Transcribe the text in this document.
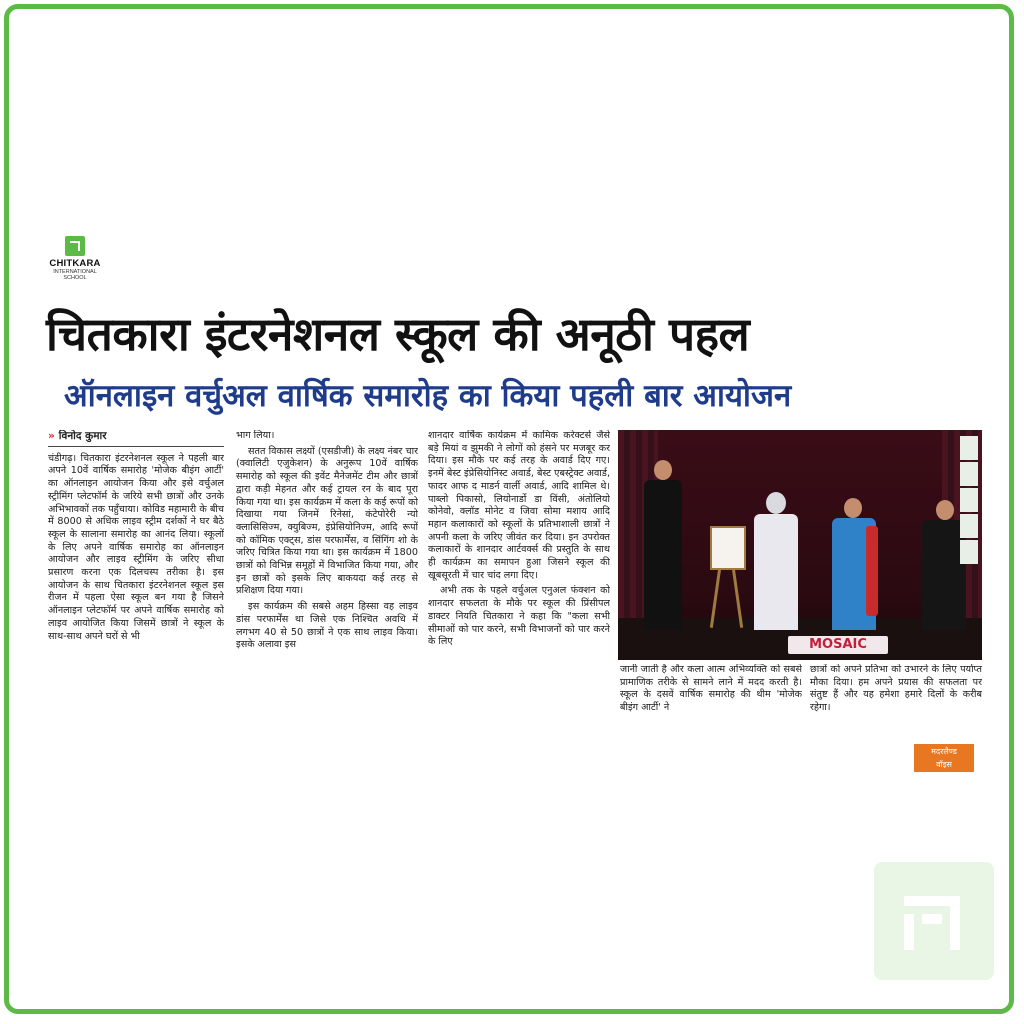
CHITKARA
INTERNATIONAL SCHOOL
चितकारा इंटरनेशनल स्कूल की अनूठी पहल
ऑनलाइन वर्चुअल वार्षिक समारोह का किया पहली बार आयोजन
» विनोद कुमार

चंडीगढ़। चितकारा इंटरनेशनल स्कूल ने पहली बार अपने 10वें वार्षिक समारोह 'मोजेक बीइंग आर्टी' का ऑनलाइन आयोजन किया और इसे वर्चुअल स्ट्रीमिंग प्लेटफॉर्म के जरिये सभी छात्रों और उनके अभिभावकों तक पहुँचाया। कोविड महामारी के बीच में 8000 से अधिक लाइव स्ट्रीम दर्शकों ने घर बैठे स्कूल के सालाना समारोह का आनंद लिया। स्कूलों के लिए अपने वार्षिक समारोह का ऑनलाइन आयोजन और लाइव स्ट्रीमिंग के जरिए सीधा प्रसारण करना एक दिलचस्प तरीका है। इस आयोजन के साथ चितकारा इंटरनेशनल स्कूल इस रीजन में पहला ऐसा स्कूल बन गया है जिसने ऑनलाइन प्लेटफॉर्म पर अपने वार्षिक समारोह को लाइव आयोजित किया जिसमें छात्रों ने स्कूल के साथ-साथ अपने घरों से भी

भाग लिया।

सतत विकास लक्ष्यों (एसडीजी) के लक्ष्य नंबर चार (क्वालिटी एजुकेशन) के अनुरूप 10वें वार्षिक समारोह को स्कूल की इवेंट मैनेजमेंट टीम और छात्रों द्वारा कड़ी मेहनत और कई ट्रायल रन के बाद पूरा किया गया था। इस कार्यक्रम में कला के कई रूपों को दिखाया गया जिनमें रिनेसां, कंटेपोरेरी न्यो क्लासिसिज्म, क्युबिज्म, इंप्रेसियोनिज्म, आदि रूपों को कॉमिक एक्ट्स, डांस परफार्मेंस, व सिंगिंग शो के जरिए चित्रित किया गया था। इस कार्यक्रम में 1800 छात्रों को विभिन्न समूहों में विभाजित किया गया, और इन छात्रों को इसके लिए बाकयदा कई तरह से प्रशिक्षण दिया गया।

इस कार्यक्रम की सबसे अहम हिस्सा वह लाइव डांस परफार्मेंस था जिसे एक निश्चित अवधि में लगभग 40 से 50 छात्रों ने एक साथ लाइव किया। इसके अलावा इस

शानदार वार्षिक कार्यक्रम में कामिक करेक्टर्स जैसे बड़े मियां व झुमकी ने लोगों को हंसने पर मजबूर कर दिया। इस मौके पर कई तरह के अवार्ड दिए गए। इनमें बेस्ट इंप्रेसियोनिस्ट अवार्ड, बेस्ट एबस्ट्रेक्ट अवार्ड, फादर आफ द माडर्न वार्ली अवार्ड, आदि शामिल थे। पाब्लो पिकासो, लियोनार्डो डा विंसी, अंतोलियो कोनेवो, क्लॉड मोनेट व जिवा सोमा मशाय आदि महान कलाकारों को स्कूलों के प्रतिभाशाली छात्रों ने अपनी कला के जरिए जीवंत कर दिया। इन उपरोक्त कलाकारों के शानदार आर्टवर्क्स की प्रस्तुति के साथ ही कार्यक्रम का समापन हुआ जिसने स्कूल की खूबसूरती में चार चांद लगा दिए।

अभी तक के पहले वर्चुअल एनुअल फंक्शन को शानदार सफलता के मौके पर स्कूल की प्रिंसीपल डाक्टर नियति चितकारा ने कहा कि "कला सभी सीमाओं को पार करने, सभी विभाजनों को पार करने के लिए	MOSAIC

जानी जाती है और कला आत्म अभिव्यक्ति को सबसे प्रामाणिक तरीके से सामने लाने में मदद करती है। स्कूल के दसवें वार्षिक समारोह की थीम 'मोजेक बीइंग आर्टी' ने

छात्रों को अपने प्रतिभा को उभारने के लिए पर्याप्त मौका दिया। हम अपने प्रयास की सफलता पर संतुष्ट हैं और यह हमेशा हमारे दिलों के करीब रहेगा।

मदरलैण्ड
वॉइस
